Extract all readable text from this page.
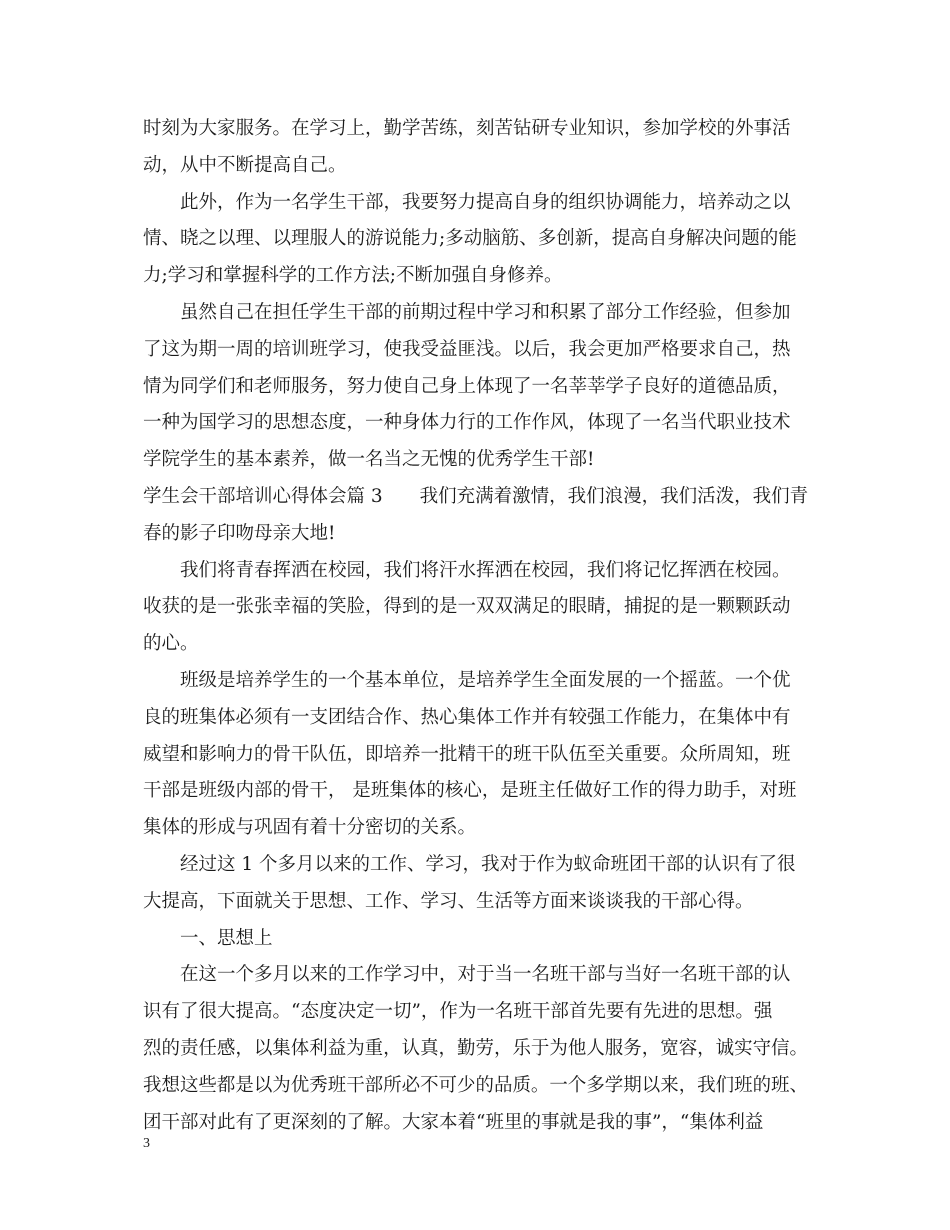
时刻为大家服务。在学习上，勤学苦练，刻苦钻研专业知识，参加学校的外事活
动，从中不断提高自己。
此外，作为一名学生干部，我要努力提高自身的组织协调能力，培养动之以
情、晓之以理、以理服人的游说能力;多动脑筋、多创新，提高自身解决问题的能
力;学习和掌握科学的工作方法;不断加强自身修养。
虽然自己在担任学生干部的前期过程中学习和积累了部分工作经验，但参加
了这为期一周的培训班学习，使我受益匪浅。以后，我会更加严格要求自己，热
情为同学们和老师服务，努力使自己身上体现了一名莘莘学子良好的道德品质，
一种为国学习的思想态度，一种身体力行的工作作风，体现了一名当代职业技术
学院学生的基本素养，做一名当之无愧的优秀学生干部!
学生会干部培训心得体会篇 3　　我们充满着激情，我们浪漫，我们活泼，我们青
春的影子印吻母亲大地!
我们将青春挥洒在校园，我们将汗水挥洒在校园，我们将记忆挥洒在校园。
收获的是一张张幸福的笑脸，得到的是一双双满足的眼睛，捕捉的是一颗颗跃动
的心。
班级是培养学生的一个基本单位，是培养学生全面发展的一个摇蓝。一个优
良的班集体必须有一支团结合作、热心集体工作并有较强工作能力，在集体中有
威望和影响力的骨干队伍，即培养一批精干的班干队伍至关重要。众所周知，班
干部是班级内部的骨干， 是班集体的核心，是班主任做好工作的得力助手，对班
集体的形成与巩固有着十分密切的关系。
经过这 1 个多月以来的工作、学习，我对于作为蚁命班团干部的认识有了很
大提高，下面就关于思想、工作、学习、生活等方面来谈谈我的干部心得。
一、思想上
在这一个多月以来的工作学习中，对于当一名班干部与当好一名班干部的认
识有了很大提高。“态度决定一切”，作为一名班干部首先要有先进的思想。强
烈的责任感，以集体利益为重，认真，勤劳，乐于为他人服务，宽容，诚实守信。
我想这些都是以为优秀班干部所必不可少的品质。一个多学期以来，我们班的班、
团干部对此有了更深刻的了解。大家本着“班里的事就是我的事”，“集体利益
3
